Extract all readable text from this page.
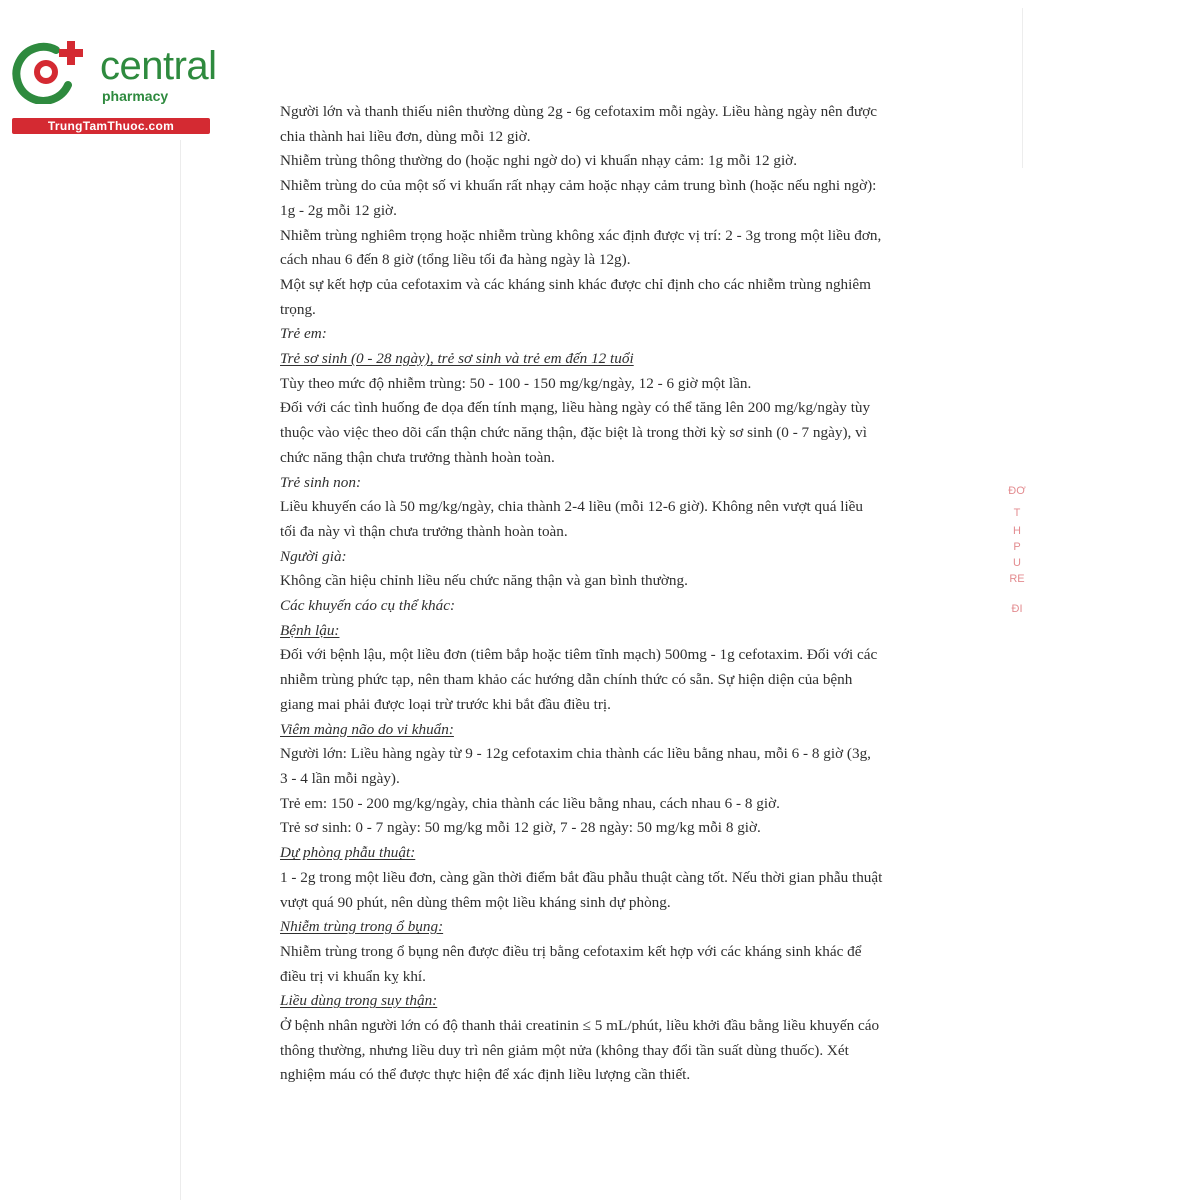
central
pharmacy
TrungTamThuoc.com
Người lớn và thanh thiếu niên thường dùng 2g - 6g cefotaxim mỗi ngày. Liều hàng ngày nên được
chia thành hai liều đơn, dùng mỗi 12 giờ.
Nhiễm trùng thông thường do (hoặc nghi ngờ do) vi khuẩn nhạy cảm: 1g mỗi 12 giờ.
Nhiễm trùng do của một số vi khuẩn rất nhạy cảm hoặc nhạy cảm trung bình (hoặc nếu nghi ngờ):
1g - 2g mỗi 12 giờ.
Nhiễm trùng nghiêm trọng hoặc nhiễm trùng không xác định được vị trí: 2 - 3g trong một liều đơn,
cách nhau 6 đến 8 giờ (tổng liều tối đa hàng ngày là 12g).
Một sự kết hợp của cefotaxim và các kháng sinh khác được chỉ định cho các nhiễm trùng nghiêm
trọng.
Trẻ em:
Trẻ sơ sinh (0 - 28 ngày), trẻ sơ sinh và trẻ em đến 12 tuổi
Tùy theo mức độ nhiễm trùng: 50 - 100 - 150 mg/kg/ngày, 12 - 6 giờ một lần.
Đối với các tình huống đe dọa đến tính mạng, liều hàng ngày có thể tăng lên 200 mg/kg/ngày tùy
thuộc vào việc theo dõi cẩn thận chức năng thận, đặc biệt là trong thời kỳ sơ sinh (0 - 7 ngày), vì
chức năng thận chưa trưởng thành hoàn toàn.
Trẻ sinh non:
Liều khuyến cáo là 50 mg/kg/ngày, chia thành 2-4 liều (mỗi 12-6 giờ). Không nên vượt quá liều
tối đa này vì thận chưa trưởng thành hoàn toàn.
Người già:
Không cần hiệu chỉnh liều nếu chức năng thận và gan bình thường.
Các khuyến cáo cụ thể khác:
Bệnh lậu:
Đối với bệnh lậu, một liều đơn (tiêm bắp hoặc tiêm tĩnh mạch) 500mg - 1g cefotaxim. Đối với các
nhiễm trùng phức tạp, nên tham khảo các hướng dẫn chính thức có sẵn. Sự hiện diện của bệnh
giang mai phải được loại trừ trước khi bắt đầu điều trị.
Viêm màng não do vi khuẩn:
Người lớn: Liều hàng ngày từ 9 - 12g cefotaxim chia thành các liều bằng nhau, mỗi 6 - 8 giờ (3g,
3 - 4 lần mỗi ngày).
Trẻ em: 150 - 200 mg/kg/ngày, chia thành các liều bằng nhau, cách nhau 6 - 8 giờ.
Trẻ sơ sinh: 0 - 7 ngày: 50 mg/kg mỗi 12 giờ, 7 - 28 ngày: 50 mg/kg mỗi 8 giờ.
Dự phòng phẫu thuật:
1 - 2g trong một liều đơn, càng gần thời điểm bắt đầu phẫu thuật càng tốt. Nếu thời gian phẫu thuật
vượt quá 90 phút, nên dùng thêm một liều kháng sinh dự phòng.
Nhiễm trùng trong ổ bụng:
Nhiễm trùng trong ổ bụng nên được điều trị bằng cefotaxim kết hợp với các kháng sinh khác để
điều trị vi khuẩn kỵ khí.
Liều dùng trong suy thận:
Ở bệnh nhân người lớn có độ thanh thải creatinin ≤ 5 mL/phút, liều khởi đầu bằng liều khuyến cáo
thông thường, nhưng liều duy trì nên giảm một nửa (không thay đổi tần suất dùng thuốc). Xét
nghiệm máu có thể được thực hiện để xác định liều lượng cần thiết.
ĐƠ
T
H
P
U
RE
ĐI
